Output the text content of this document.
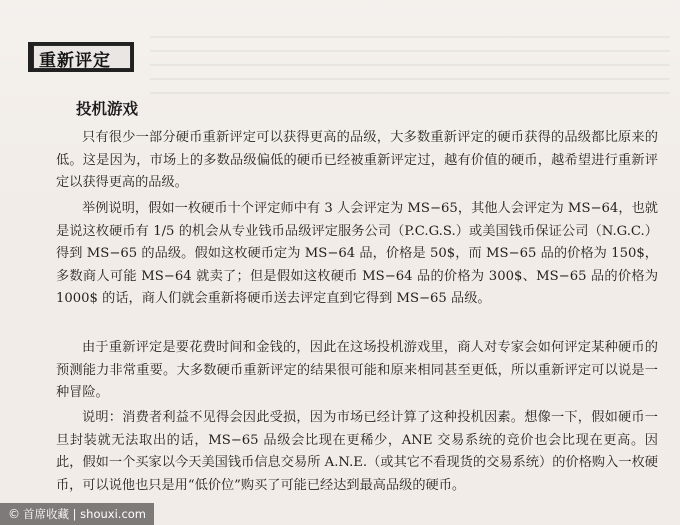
重新评定
投机游戏
只有很少一部分硬币重新评定可以获得更高的品级，大多数重新评定的硬币获得的品级都比原来的低。这是因为，市场上的多数品级偏低的硬币已经被重新评定过，越有价值的硬币，越希望进行重新评定以获得更高的品级。
举例说明，假如一枚硬币十个评定师中有 3 人会评定为 MS−65，其他人会评定为 MS−64，也就是说这枚硬币有 1/5 的机会从专业钱币品级评定服务公司（P.C.G.S.）或美国钱币保证公司（N.G.C.）得到 MS−65 的品级。假如这枚硬币定为 MS−64 品，价格是 50$，而 MS−65 品的价格为 150$，多数商人可能 MS−64 就卖了；但是假如这枚硬币 MS−64 品的价格为 300$、MS−65 品的价格为 1000$ 的话，商人们就会重新将硬币送去评定直到它得到 MS−65 品级。
由于重新评定是要花费时间和金钱的，因此在这场投机游戏里，商人对专家会如何评定某种硬币的预测能力非常重要。大多数硬币重新评定的结果很可能和原来相同甚至更低，所以重新评定可以说是一种冒险。
说明：消费者利益不见得会因此受损，因为市场已经计算了这种投机因素。想像一下，假如硬币一旦封装就无法取出的话，MS−65 品级会比现在更稀少，ANE 交易系统的竞价也会比现在更高。因此，假如一个买家以今天美国钱币信息交易所 A.N.E.（或其它不看现货的交易系统）的价格购入一枚硬币，可以说他也只是用“低价位”购买了可能已经达到最高品级的硬币。
© 首席收藏 | shouxi.com
